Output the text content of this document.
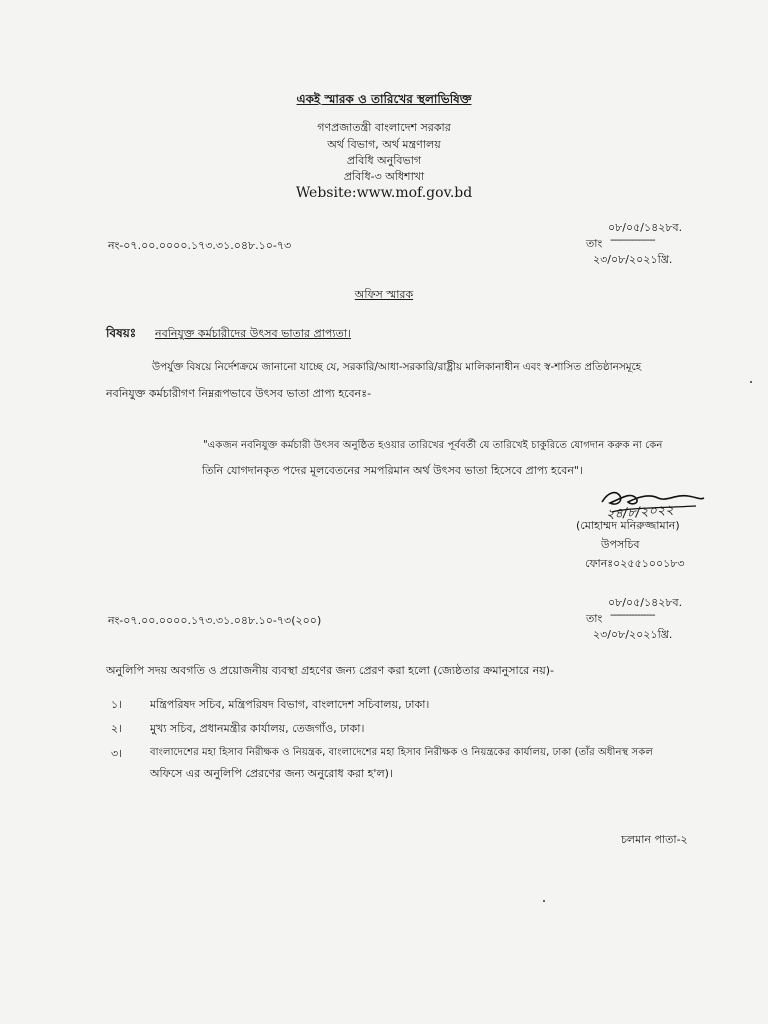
একই স্মারক ও তারিখের স্থলাভিষিক্ত
গণপ্রজাতন্ত্রী বাংলাদেশ সরকার
অর্থ বিভাগ, অর্থ মন্ত্রণালয়
প্রবিধি অনুবিভাগ
প্রবিধি-৩ অধিশাখা
Website:www.mof.gov.bd
০৮/০৫/১৪২৮ব.
নং-০৭.০০.০০০০.১৭৩.৩১.০৪৮.১০-৭৩	তাং ---------------
২৩/০৮/২০২১খ্রি.
অফিস স্মারক
বিষয়ঃ নবনিযুক্ত কর্মচারীদের উৎসব ভাতার প্রাপ্যতা।
উপর্যুক্ত বিষয়ে নির্দেশক্রমে জানানো যাচ্ছে যে, সরকারি/আধা-সরকারি/রাষ্ট্রীয় মালিকানাধীন এবং স্ব-শাসিত প্রতিষ্ঠানসমূহে
নবনিযুক্ত কর্মচারীগণ নিম্নরূপভাবে উৎসব ভাতা প্রাপ্য হবেনঃ-
"একজন নবনিযুক্ত কর্মচারী উৎসব অনুষ্ঠিত হওয়ার তারিখের পূর্ববর্তী যে তারিখেই চাকুরিতে যোগদান করুক না কেন
তিনি যোগদানকৃত পদের মূলবেতনের সমপরিমান অর্থ উৎসব ভাতা হিসেবে প্রাপ্য হবেন"।
২৪/৮/২০২২
(মোহাম্মদ মনিরুজ্জামান)
উপসচিব
ফোনঃ০২৫৫১০০১৮৩
০৮/০৫/১৪২৮ব.
নং-০৭.০০.০০০০.১৭৩.৩১.০৪৮.১০-৭৩(২০০)	তাং ---------------
২৩/০৮/২০২১খ্রি.
অনুলিপি সদয় অবগতি ও প্রয়োজনীয় ব্যবস্থা গ্রহণের জন্য প্রেরণ করা হলো (জ্যেষ্ঠতার ক্রমানুসারে নয়)-
১।	মন্ত্রিপরিষদ সচিব, মন্ত্রিপরিষদ বিভাগ, বাংলাদেশ সচিবালয়, ঢাকা।
২।	মুখ্য সচিব, প্রধানমন্ত্রীর কার্যালয়, তেজগাঁও, ঢাকা।
৩।	বাংলাদেশের মহা হিসাব নিরীক্ষক ও নিয়ন্ত্রক, বাংলাদেশের মহা হিসাব নিরীক্ষক ও নিয়ন্ত্রকের কার্যালয়, ঢাকা (তাঁর অধীনস্থ সকল
অফিসে এর অনুলিপি প্রেরণের জন্য অনুরোধ করা হ'ল)।
চলমান পাতা-২
